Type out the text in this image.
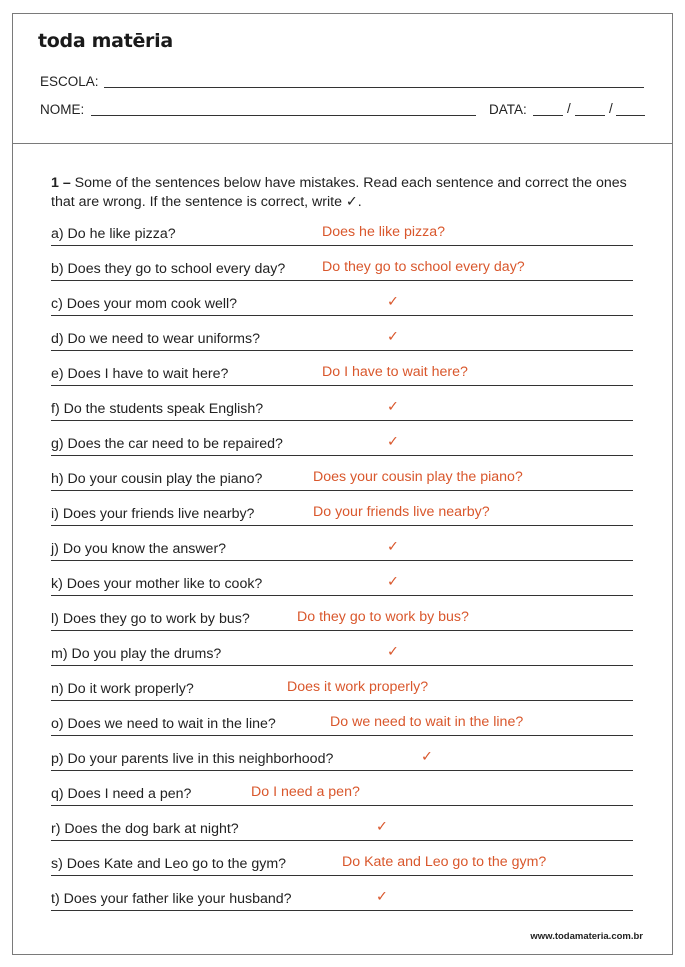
toda matēria
ESCOLA:
NOME:	DATA:	/	/
1 – Some of the sentences below have mistakes. Read each sentence and correct the ones that are wrong. If the sentence is correct, write ✓.
a) Do he like pizza?	Does he like pizza?
b) Does they go to school every day?	Do they go to school every day?
c) Does your mom cook well?	✓
d) Do we need to wear uniforms?	✓
e) Does I have to wait here?	Do I have to wait here?
f) Do the students speak English?	✓
g) Does the car need to be repaired?	✓
h) Do your cousin play the piano?	Does your cousin play the piano?
i) Does your friends live nearby?	Do your friends live nearby?
j) Do you know the answer?	✓
k) Does your mother like to cook?	✓
l) Does they go to work by bus?	Do they go to work by bus?
m) Do you play the drums?	✓
n) Do it work properly?	Does it work properly?
o) Does we need to wait in the line?	Do we need to wait in the line?
p) Do your parents live in this neighborhood?	✓
q) Does I need a pen?	Do I need a pen?
r) Does the dog bark at night?	✓
s) Does Kate and Leo go to the gym?	Do Kate and Leo go to the gym?
t) Does your father like your husband?	✓
www.todamateria.com.br
